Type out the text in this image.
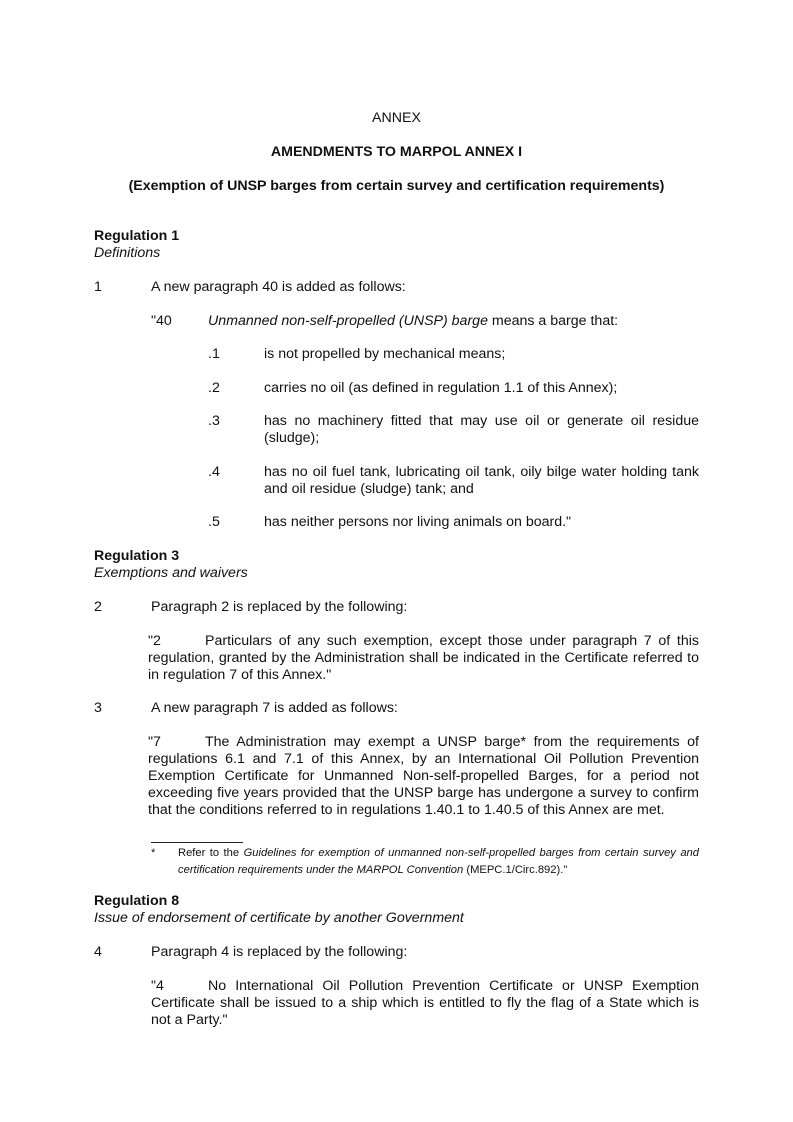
ANNEX
AMENDMENTS TO MARPOL ANNEX I
(Exemption of UNSP barges from certain survey and certification requirements)
Regulation 1
Definitions
1	A new paragraph 40 is added as follows:
"40	Unmanned non-self-propelled (UNSP) barge means a barge that:
.1	is not propelled by mechanical means;
.2	carries no oil (as defined in regulation 1.1 of this Annex);
.3	has no machinery fitted that may use oil or generate oil residue (sludge);
.4	has no oil fuel tank, lubricating oil tank, oily bilge water holding tank and oil residue (sludge) tank; and
.5	has neither persons nor living animals on board."
Regulation 3
Exemptions and waivers
2	Paragraph 2 is replaced by the following:
"2	Particulars of any such exemption, except those under paragraph 7 of this regulation, granted by the Administration shall be indicated in the Certificate referred to in regulation 7 of this Annex."
3	A new paragraph 7 is added as follows:
"7	The Administration may exempt a UNSP barge* from the requirements of regulations 6.1 and 7.1 of this Annex, by an International Oil Pollution Prevention Exemption Certificate for Unmanned Non-self-propelled Barges, for a period not exceeding five years provided that the UNSP barge has undergone a survey to confirm that the conditions referred to in regulations 1.40.1 to 1.40.5 of this Annex are met.
* Refer to the Guidelines for exemption of unmanned non-self-propelled barges from certain survey and certification requirements under the MARPOL Convention (MEPC.1/Circ.892)."
Regulation 8
Issue of endorsement of certificate by another Government
4	Paragraph 4 is replaced by the following:
"4	No International Oil Pollution Prevention Certificate or UNSP Exemption Certificate shall be issued to a ship which is entitled to fly the flag of a State which is not a Party."
